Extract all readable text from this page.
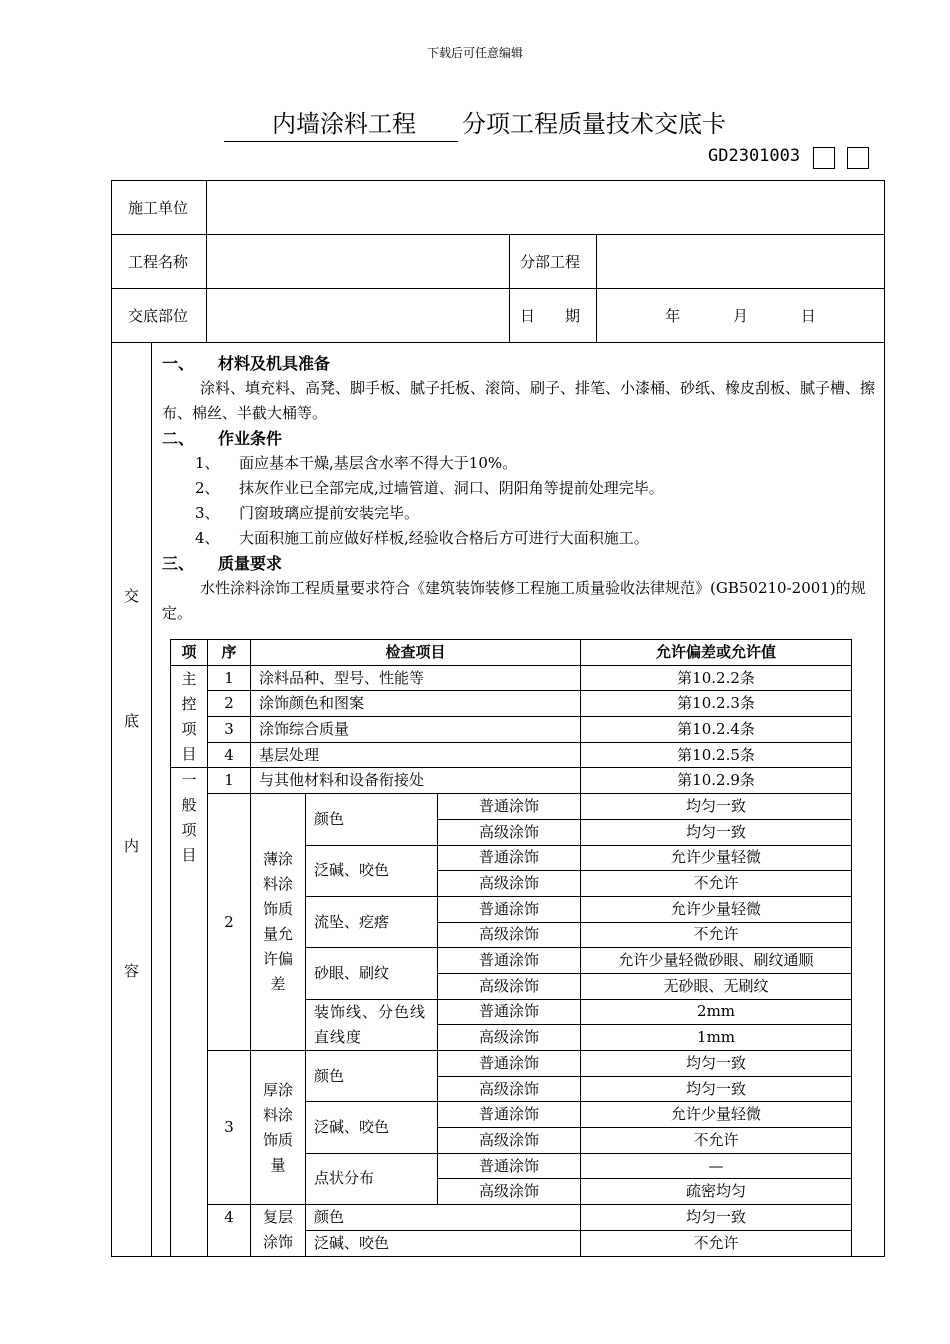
下载后可任意编辑
内墙涂料工程 分项工程质量技术交底卡
GD2301003
施工单位	
工程名称		分部工程	
交底部位		日　　期	年	月	日

交
底
内
容
一、 材料及机具准备
涂料、填充料、高凳、脚手板、腻子托板、滚筒、刷子、排笔、小漆桶、砂纸、橡皮刮板、腻子槽、擦布、棉丝、半截大桶等。
二、 作业条件
1、 面应基本干燥,基层含水率不得大于10%。
2、 抹灰作业已全部完成,过墙管道、洞口、阴阳角等提前处理完毕。
3、 门窗玻璃应提前安装完毕。
4、 大面积施工前应做好样板,经验收合格后方可进行大面积施工。
三、 质量要求
水性涂料涂饰工程质量要求符合《建筑装饰装修工程施工质量验收法律规范》(GB50210-2001)的规定。
项	序	检查项目	允许偏差或允许值
主控项目	1	涂料品种、型号、性能等	第10.2.2条
2	涂饰颜色和图案	第10.2.3条
3	涂饰综合质量	第10.2.4条
4	基层处理	第10.2.5条
一般项目	1	与其他材料和设备衔接处	第10.2.9条
2	薄涂料涂饰质量允许偏差	颜色	普通涂饰	均匀一致
高级涂饰	均匀一致
泛碱、咬色	普通涂饰	允许少量轻微
高级涂饰	不允许
流坠、疙瘩	普通涂饰	允许少量轻微
高级涂饰	不允许
砂眼、刷纹	普通涂饰	允许少量轻微砂眼、刷纹通顺
高级涂饰	无砂眼、无刷纹
装饰线、分色线直线度	普通涂饰	2mm
高级涂饰	1mm
3	厚涂料涂饰质量	颜色	普通涂饰	均匀一致
高级涂饰	均匀一致
泛碱、咬色	普通涂饰	允许少量轻微
高级涂饰	不允许
点状分布	普通涂饰	—
高级涂饰	疏密均匀
4	复层涂饰	颜色	均匀一致
泛碱、咬色	不允许
